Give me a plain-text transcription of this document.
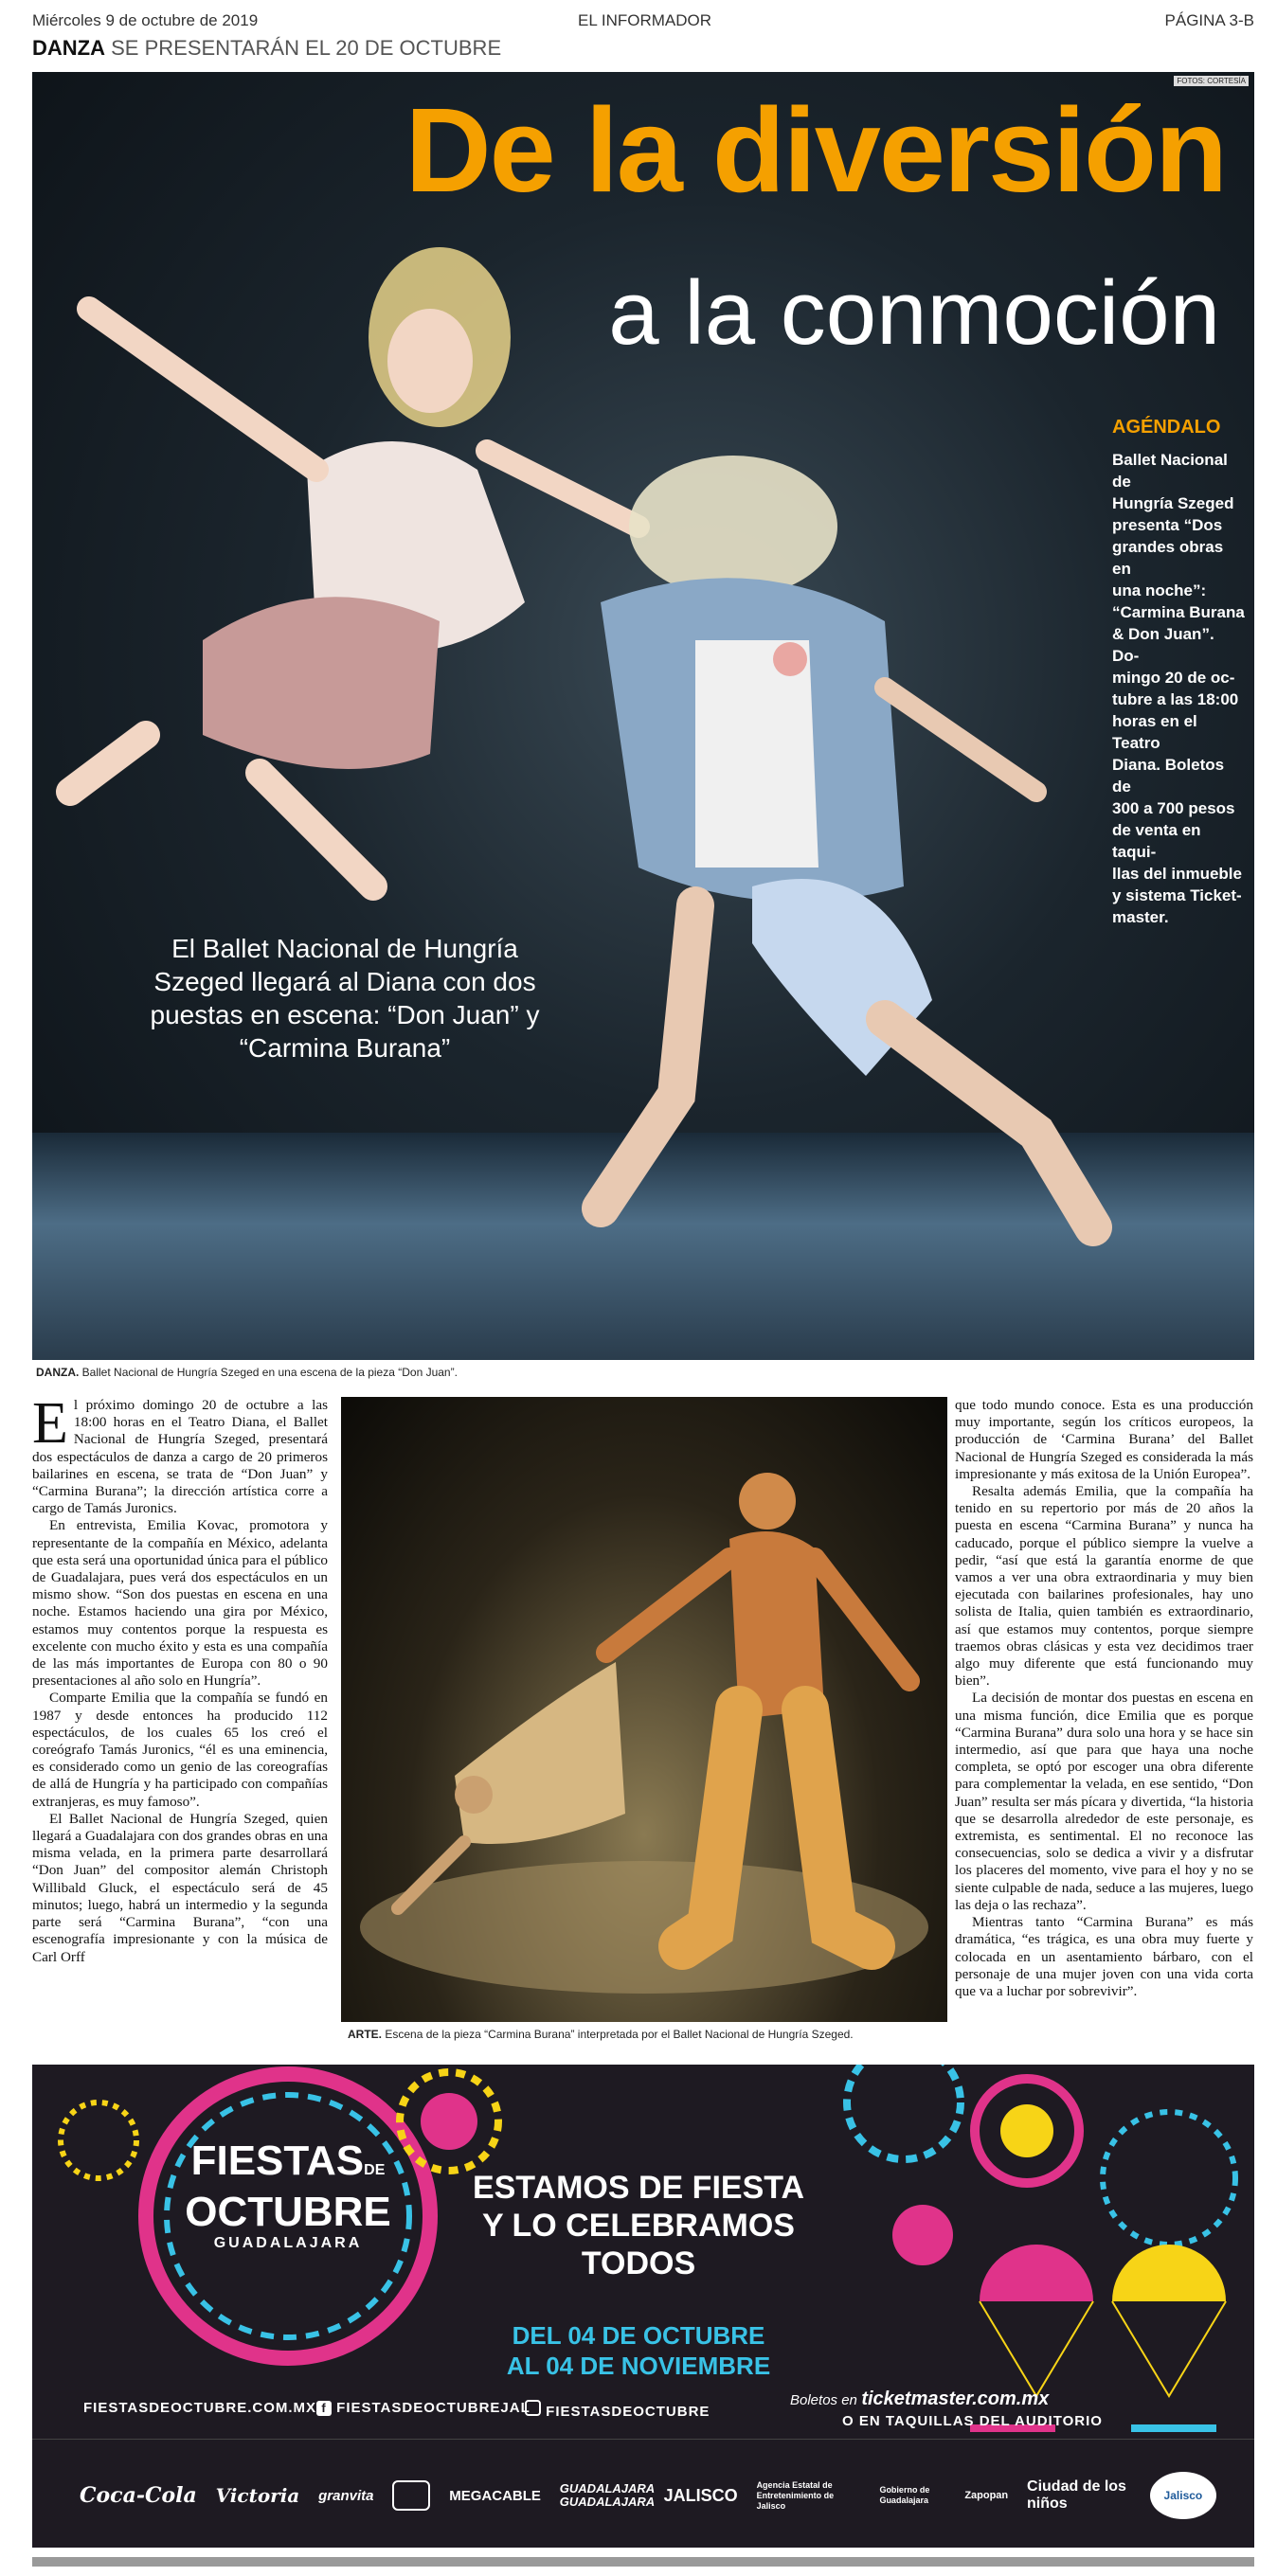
Miércoles 9 de octubre de 2019	EL INFORMADOR	PÁGINA 3-B
DANZA SE PRESENTARÁN EL 20 DE OCTUBRE
FOTOS: CORTESÍA
De la diversión
a la conmoción
AGÉNDALO
Ballet Nacional de
Hungría Szeged
presenta “Dos
grandes obras en
una noche”:
“Carmina Burana
& Don Juan”. Do-
mingo 20 de oc-
tubre a las 18:00
horas en el Teatro
Diana. Boletos de
300 a 700 pesos
de venta en taqui-
llas del inmueble
y sistema Ticket-
master.
El Ballet Nacional de Hungría
Szeged llegará al Diana con dos
puestas en escena: “Don Juan” y
“Carmina Burana”
DANZA. Ballet Nacional de Hungría Szeged en una escena de la pieza “Don Juan”.

El próximo domingo 20 de octubre a las 18:00 horas en el Teatro Diana, el Ballet Nacional de Hungría Szeged, presentará dos espectáculos de danza a cargo de 20 primeros bailarines en escena, se trata de “Don Juan” y “Carmina Burana”; la dirección artística corre a cargo de Tamás Juronics.

En entrevista, Emilia Kovac, promotora y representante de la compañía en México, adelanta que esta será una oportunidad única para el público de Guadalajara, pues verá dos espectáculos en un mismo show. “Son dos puestas en escena en una noche. Estamos haciendo una gira por México, estamos muy contentos porque la respuesta es excelente con mucho éxito y esta es una compañía de las más importantes de Europa con 80 o 90 presentaciones al año solo en Hungría”.

Comparte Emilia que la compañía se fundó en 1987 y desde entonces ha producido 112 espectáculos, de los cuales 65 los creó el coreógrafo Tamás Juronics, “él es una eminencia, es considerado como un genio de las coreografías de allá de Hungría y ha participado con compañías extranjeras, es muy famoso”.

El Ballet Nacional de Hungría Szeged, quien llegará a Guadalajara con dos grandes obras en una misma velada, en la primera parte desarrollará “Don Juan” del compositor alemán Christoph Willibald Gluck, el espectáculo será de 45 minutos; luego, habrá un intermedio y la segunda parte será “Carmina Burana”, “con una escenografía impresionante y con la música de Carl Orff

ARTE. Escena de la pieza “Carmina Burana” interpretada por el Ballet Nacional de Hungría Szeged.

que todo mundo conoce. Esta es una producción muy importante, según los críticos europeos, la producción de ‘Carmina Burana’ del Ballet Nacional de Hungría Szeged es considerada la más impresionante y más exitosa de la Unión Europea”.

Resalta además Emilia, que la compañía ha tenido en su repertorio por más de 20 años la puesta en escena “Carmina Burana” y nunca ha caducado, porque el público siempre la vuelve a pedir, “así que está la garantía enorme de que vamos a ver una obra extraordinaria y muy bien ejecutada con bailarines profesionales, hay uno solista de Italia, quien también es extraordinario, así que estamos muy contentos, porque siempre traemos obras clásicas y esta vez decidimos traer algo muy diferente que está funcionando muy bien”.

La decisión de montar dos puestas en escena en una misma función, dice Emilia que es porque “Carmina Burana” dura solo una hora y se hace sin intermedio, así que para que haya una noche completa, se optó por escoger una obra diferente para complementar la velada, en ese sentido, “Don Juan” resulta ser más pícara y divertida, “la historia que se desarrolla alrededor de este personaje, es extremista, es sentimental. El no reconoce las consecuencias, solo se dedica a vivir y a disfrutar los placeres del momento, vive para el hoy y no se siente culpable de nada, seduce a las mujeres, luego las deja o las rechaza”.

Mientras tanto “Carmina Burana” es más dramática, “es trágica, es una obra muy fuerte y colocada en un asentamiento bárbaro, con el personaje de una mujer joven con una vida corta que va a luchar por sobrevivir”.

FIESTASDE
OCTUBRE
GUADALAJARA
ESTAMOS DE FIESTA
Y LO CELEBRAMOS
TODOS
DEL 04 DE OCTUBRE
AL 04 DE NOVIEMBRE
FIESTASDEOCTUBRE.COM.MX f FIESTASDEOCTUBREJAL	FIESTASDEOCTUBRE
Boletos en ticketmaster.com.mx
O EN TAQUILLAS DEL AUDITORIO
Coca-Cola Victoria granvita	MEGACABLE GUADALAJARA GUADALAJARA JALISCO
Agencia Estatal de Entretenimiento de Jalisco
Gobierno de Guadalajara	Zapopan
Ciudad de los niños	Jalisco
